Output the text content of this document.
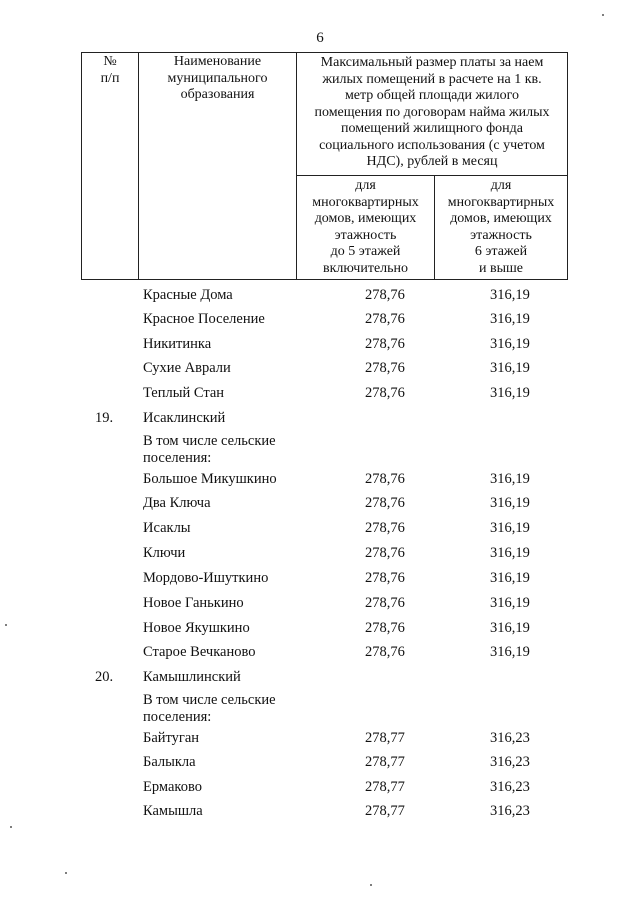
6
№
п/п
Наименование
муниципального
образования
Максимальный размер платы за наем
жилых помещений в расчете на 1 кв.
метр общей площади жилого
помещения по договорам найма жилых
помещений жилищного фонда
социального использования (с учетом
НДС), рублей в месяц
для
многоквартирных
домов, имеющих
этажность
до 5 этажей
включительно
для
многоквартирных
домов, имеющих
этажность
6 этажей
и выше
Красные Дома	278,76	316,19
Красное Поселение	278,76	316,19
Никитинка	278,76	316,19
Сухие Аврали	278,76	316,19
Теплый Стан	278,76	316,19
19. Исаклинский
В том числе сельские поселения:
Большое Микушкино	278,76	316,19
Два Ключа	278,76	316,19
Исаклы	278,76	316,19
Ключи	278,76	316,19
Мордово-Ишуткино	278,76	316,19
Новое Ганькино	278,76	316,19
Новое Якушкино	278,76	316,19
Старое Вечканово	278,76	316,19
20. Камышлинский
В том числе сельские поселения:
Байтуган	278,77	316,23
Балыкла	278,77	316,23
Ермаково	278,77	316,23
Камышла	278,77	316,23
